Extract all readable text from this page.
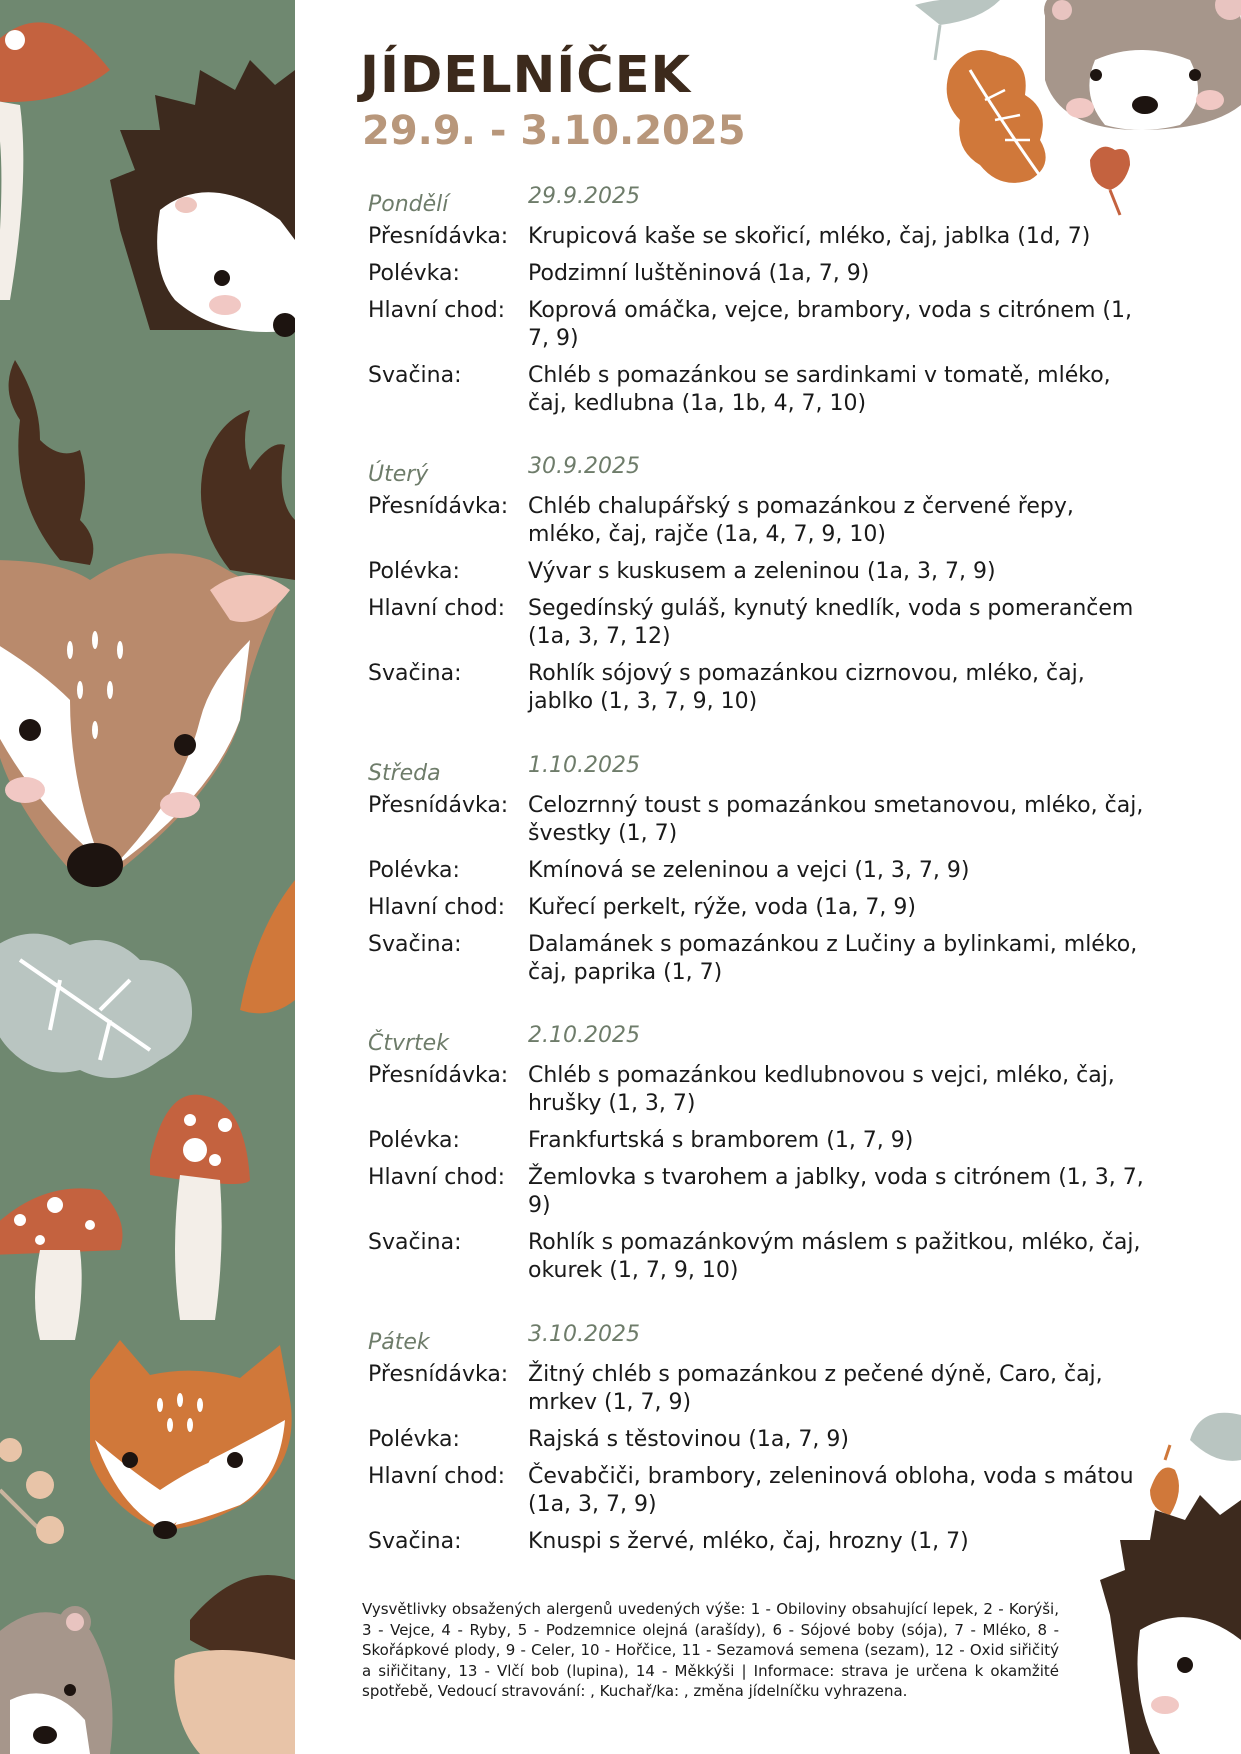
JÍDELNÍČEK
29.9. - 3.10.2025
Pondělí	29.9.2025
Přesnídávka: Krupicová kaše se skořicí, mléko, čaj, jablka (1d, 7)
Polévka:	Podzimní luštěninová (1a, 7, 9)
Hlavní chod:	Koprová omáčka, vejce, brambory, voda s citrónem (1, 7, 9)
Svačina:	Chléb s pomazánkou se sardinkami v tomatě, mléko, čaj, kedlubna (1a, 1b, 4, 7, 10)
Úterý	30.9.2025
Přesnídávka: Chléb chalupářský s pomazánkou z červené řepy, mléko, čaj, rajče (1a, 4, 7, 9, 10)
Polévka:	Vývar s kuskusem a zeleninou (1a, 3, 7, 9)
Hlavní chod:	Segedínský guláš, kynutý knedlík, voda s pomerančem (1a, 3, 7, 12)
Svačina:	Rohlík sójový s pomazánkou cizrnovou, mléko, čaj, jablko (1, 3, 7, 9, 10)
Středa	1.10.2025
Přesnídávka: Celozrnný toust s pomazánkou smetanovou, mléko, čaj, švestky (1, 7)
Polévka:	Kmínová se zeleninou a vejci (1, 3, 7, 9)
Hlavní chod:	Kuřecí perkelt, rýže, voda (1a, 7, 9)
Svačina:	Dalamánek s pomazánkou z Lučiny a bylinkami, mléko, čaj, paprika (1, 7)
Čtvrtek	2.10.2025
Přesnídávka: Chléb s pomazánkou kedlubnovou s vejci, mléko, čaj, hrušky (1, 3, 7)
Polévka:	Frankfurtská s bramborem (1, 7, 9)
Hlavní chod:	Žemlovka s tvarohem a jablky, voda s citrónem (1, 3, 7, 9)
Svačina:	Rohlík s pomazánkovým máslem s pažitkou, mléko, čaj, okurek (1, 7, 9, 10)
Pátek	3.10.2025
Přesnídávka: Žitný chléb s pomazánkou z pečené dýně, Caro, čaj, mrkev (1, 7, 9)
Polévka:	Rajská s těstovinou (1a, 7, 9)
Hlavní chod:	Čevabčiči, brambory, zeleninová obloha, voda s mátou (1a, 3, 7, 9)
Svačina:	Knuspi s žervé, mléko, čaj, hrozny (1, 7)
Vysvětlivky obsažených alergenů uvedených výše: 1 - Obiloviny obsahující lepek, 2 - Korýši, 3 - Vejce, 4 - Ryby, 5 - Podzemnice olejná (arašídy), 6 - Sójové boby (sója), 7 - Mléko, 8 - Skořápkové plody, 9 - Celer, 10 - Hořčice, 11 - Sezamová semena (sezam), 12 - Oxid siřičitý a siřičitany, 13 - Vlčí bob (lupina), 14 - Měkkýši | Informace: strava je určena k okamžité spotřebě, Vedoucí stravování: , Kuchař/ka: , změna jídelníčku vyhrazena.
